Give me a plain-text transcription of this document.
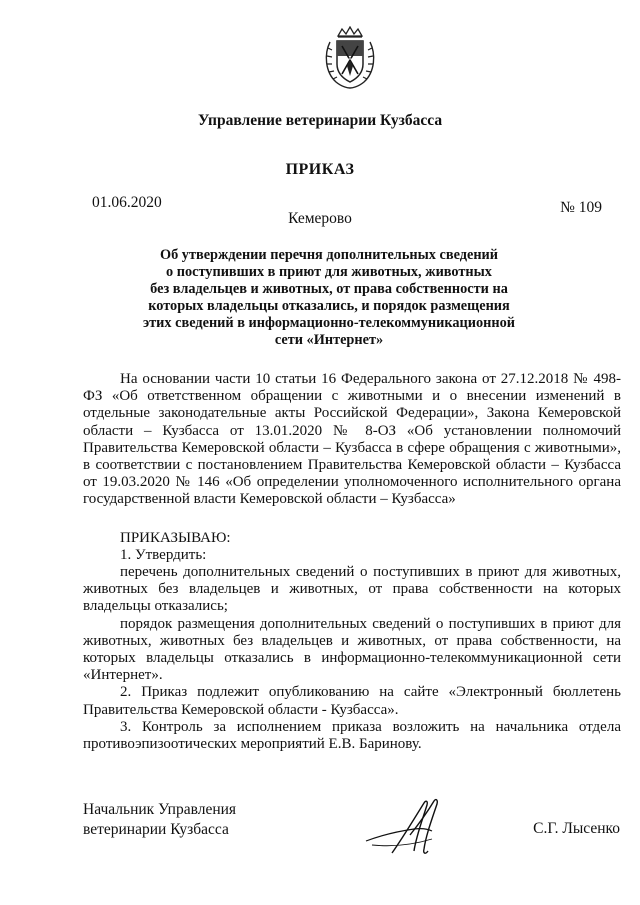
Управление ветеринарии Кузбасса
ПРИКАЗ
01.06.2020
Кемерово
№ 109
Об утверждении перечня дополнительных сведений
о поступивших в приют для животных, животных
без владельцев и животных, от права собственности на
которых владельцы отказались, и порядок размещения
этих сведений в информационно-телекоммуникационной
сети «Интернет»

На основании части 10 статьи 16 Федерального закона от 27.12.2018 № 498-ФЗ «Об ответственном обращении с животными и о внесении изменений в отдельные законодательные акты Российской Федерации», Закона Кемеровской области – Кузбасса от 13.01.2020 № 8-ОЗ «Об установлении полномочий Правительства Кемеровской области – Кузбасса в сфере обращения с животными», в соответствии с постановлением Правительства Кемеровской области – Кузбасса от 19.03.2020 № 146 «Об определении уполномоченного исполнительного органа государственной власти Кемеровской области – Кузбасса»

ПРИКАЗЫВАЮ:
1. Утвердить:

перечень дополнительных сведений о поступивших в приют для животных, животных без владельцев и животных, от права собственности на которых владельцы отказались;

порядок размещения дополнительных сведений о поступивших в приют для животных, животных без владельцев и животных, от права собственности, на которых владельцы отказались в информационно-телекоммуникационной сети «Интернет».

2. Приказ подлежит опубликованию на сайте «Электронный бюллетень Правительства Кемеровской области - Кузбасса».

3. Контроль за исполнением приказа возложить на начальника отдела противоэпизоотических мероприятий Е.В. Баринову.

Начальник Управления
ветеринарии Кузбасса	С.Г. Лысенко
